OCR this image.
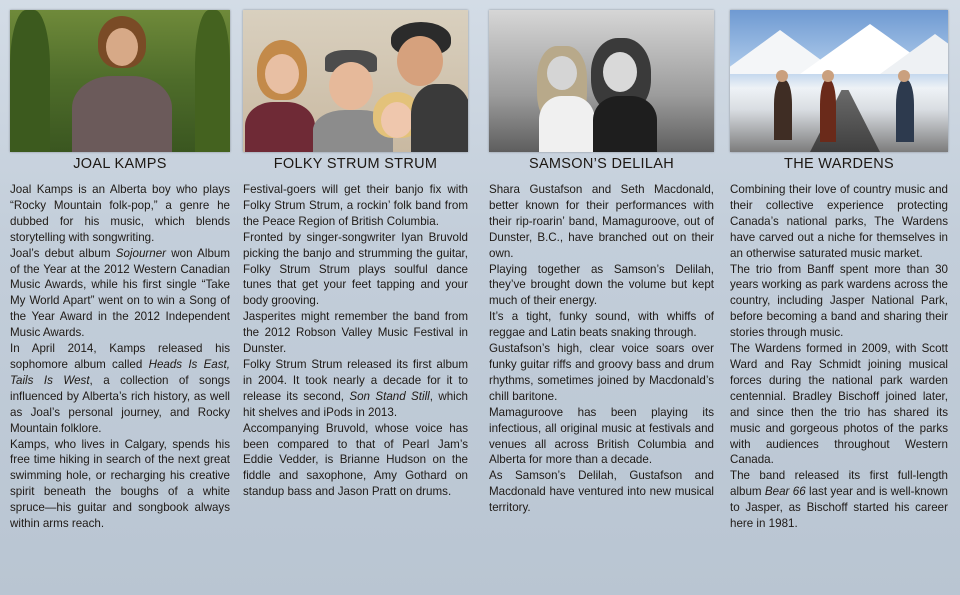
JOAL KAMPS

Joal Kamps is an Alberta boy who plays “Rocky Mountain folk-pop,” a genre he dubbed for his music, which blends storytelling with songwriting.

Joal’s debut album Sojourner won Album of the Year at the 2012 Western Canadian Music Awards, while his first single “Take My World Apart” went on to win a Song of the Year Award in the 2012 Independent Music Awards.

In April 2014, Kamps released his sophomore album called Heads Is East, Tails Is West, a collection of songs influenced by Alberta’s rich history, as well as Joal’s personal journey, and Rocky Mountain folklore.

Kamps, who lives in Calgary, spends his free time hiking in search of the next great swimming hole, or recharging his creative spirit beneath the boughs of a white spruce—his guitar and songbook always within arms reach.

FOLKY STRUM STRUM

Festival-goers will get their banjo fix with Folky Strum Strum, a rockin’ folk band from the Peace Region of British Columbia.

Fronted by singer-songwriter Iyan Bruvold picking the banjo and strumming the guitar, Folky Strum Strum plays soulful dance tunes that get your feet tapping and your body grooving.

Jasperites might remember the band from the 2012 Robson Valley Music Festival in Dunster.

Folky Strum Strum released its first album in 2004. It took nearly a decade for it to release its second, Son Stand Still, which hit shelves and iPods in 2013.

Accompanying Bruvold, whose voice has been compared to that of Pearl Jam’s Eddie Vedder, is Brianne Hudson on the fiddle and saxophone, Amy Gothard on standup bass and Jason Pratt on drums.

SAMSON’S DELILAH

Shara Gustafson and Seth Macdonald, better known for their performances with their rip-roarin’ band, Mamaguroove, out of Dunster, B.C., have branched out on their own.

Playing together as Samson’s Delilah, they’ve brought down the volume but kept much of their energy.

It’s a tight, funky sound, with whiffs of reggae and Latin beats snaking through.

Gustafson’s high, clear voice soars over funky guitar riffs and groovy bass and drum rhythms, sometimes joined by Macdonald’s chill baritone.

Mamaguroove has been playing its infectious, all original music at festivals and venues all across British Columbia and Alberta for more than a decade.

As Samson’s Delilah, Gustafson and Macdonald have ventured into new musical territory.

THE WARDENS

Combining their love of country music and their collective experience protecting Canada’s national parks, The Wardens have carved out a niche for themselves in an otherwise saturated music market.

The trio from Banff spent more than 30 years working as park wardens across the country, including Jasper National Park, before becoming a band and sharing their stories through music.

The Wardens formed in 2009, with Scott Ward and Ray Schmidt joining musical forces during the national park warden centennial. Bradley Bischoff joined later, and since then the trio has shared its music and gorgeous photos of the parks with audiences throughout Western Canada.

The band released its first full-length album Bear 66 last year and is well-known to Jasper, as Bischoff started his career here in 1981.
